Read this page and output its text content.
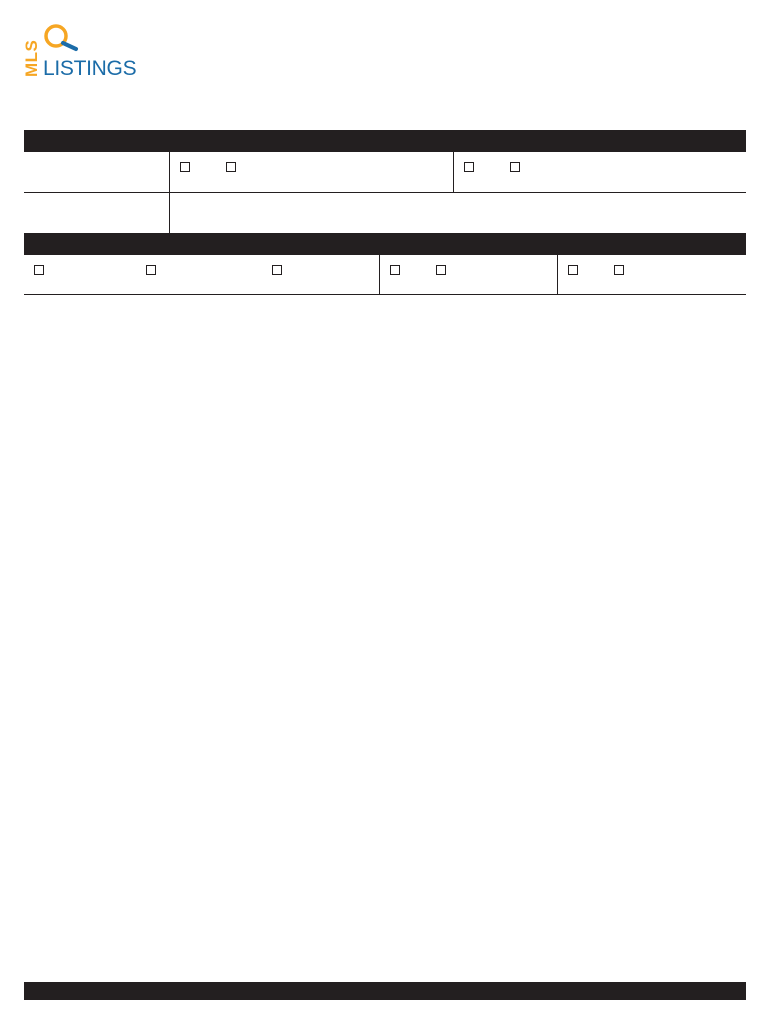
MLS LISTINGS
